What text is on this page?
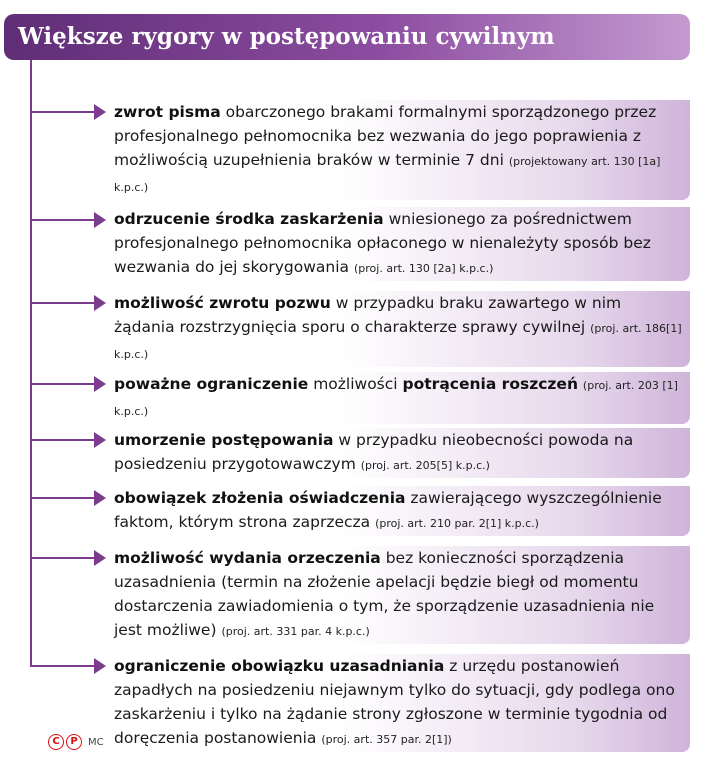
Większe rygory w postępowaniu cywilnym
zwrot pisma obarczonego brakami formalnymi sporządzonego przez profesjonalnego pełnomocnika bez wezwania do jego poprawienia z możliwością uzupełnienia braków w terminie 7 dni (projektowany art. 130 [1a] k.p.c.)
odrzucenie środka zaskarżenia wniesionego za pośrednictwem profesjonalnego pełnomocnika opłaconego w nienależyty sposób bez wezwania do jej skorygowania (proj. art. 130 [2a] k.p.c.)
możliwość zwrotu pozwu w przypadku braku zawartego w nim żądania rozstrzygnięcia sporu o charakterze sprawy cywilnej (proj. art. 186[1] k.p.c.)
poważne ograniczenie możliwości potrącenia roszczeń (proj. art. 203 [1] k.p.c.)
umorzenie postępowania w przypadku nieobecności powoda na posiedzeniu przygotowawczym (proj. art. 205[5] k.p.c.)
obowiązek złożenia oświadczenia zawierającego wyszczególnienie faktom, którym strona zaprzecza (proj. art. 210 par. 2[1] k.p.c.)
możliwość wydania orzeczenia bez konieczności sporządzenia uzasadnienia (termin na złożenie apelacji będzie biegł od momentu dostarczenia zawiadomienia o tym, że sporządzenie uzasadnienia nie jest możliwe) (proj. art. 331 par. 4 k.p.c.)
ograniczenie obowiązku uzasadniania z urzędu postanowień zapadłych na posiedzeniu niejawnym tylko do sytuacji, gdy podlega ono zaskarżeniu i tylko na żądanie strony zgłoszone w terminie tygodnia od doręczenia postanowienia (proj. art. 357 par. 2[1])
C P MC
